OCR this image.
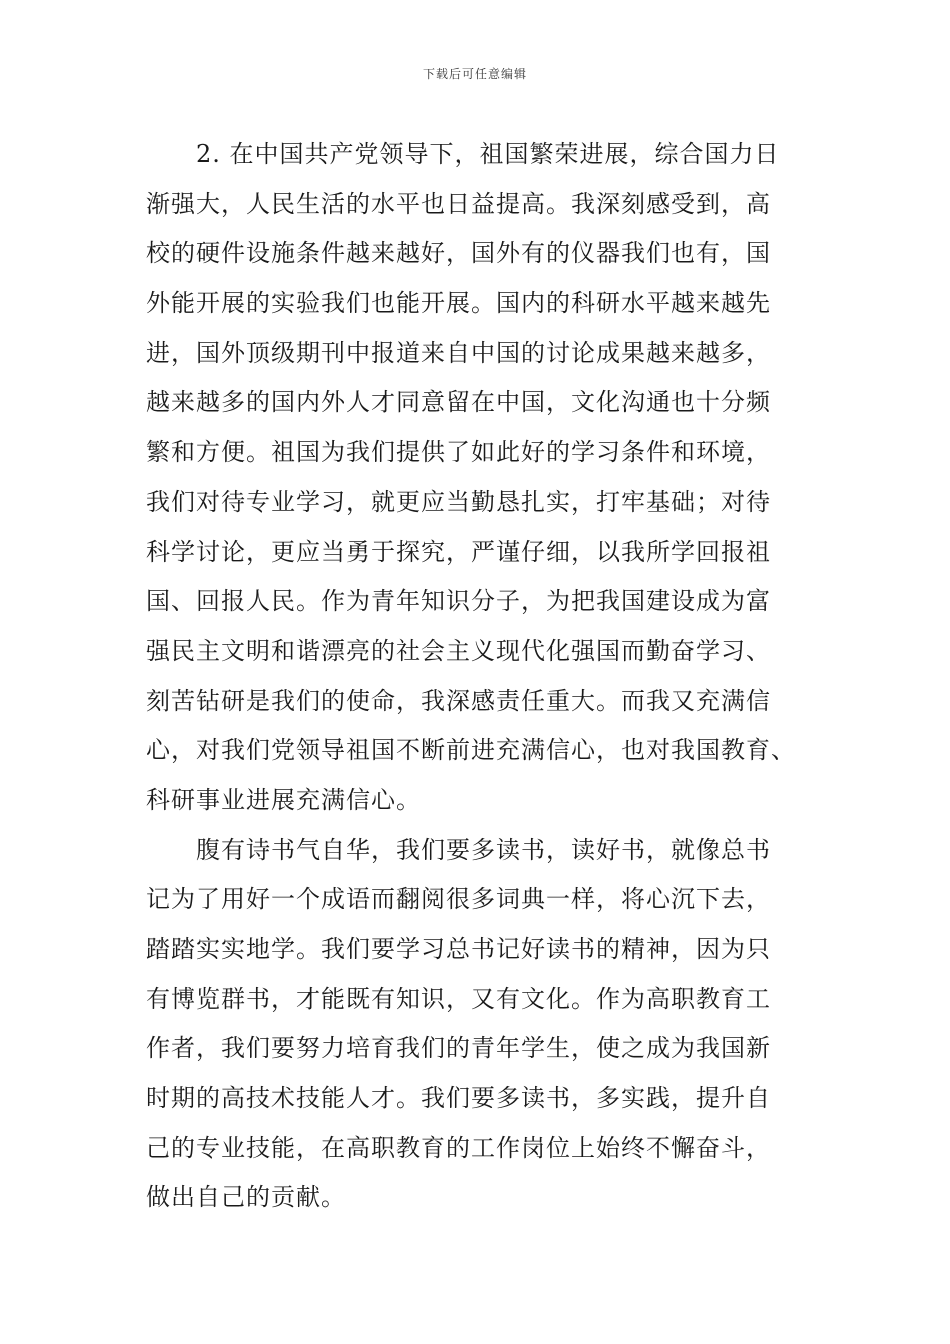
下载后可任意编辑
2. 在中国共产党领导下，祖国繁荣进展，综合国力日
渐强大，人民生活的水平也日益提高。我深刻感受到，高
校的硬件设施条件越来越好，国外有的仪器我们也有，国
外能开展的实验我们也能开展。国内的科研水平越来越先
进，国外顶级期刊中报道来自中国的讨论成果越来越多，
越来越多的国内外人才同意留在中国，文化沟通也十分频
繁和方便。祖国为我们提供了如此好的学习条件和环境，
我们对待专业学习，就更应当勤恳扎实，打牢基础；对待
科学讨论，更应当勇于探究，严谨仔细，以我所学回报祖
国、回报人民。作为青年知识分子，为把我国建设成为富
强民主文明和谐漂亮的社会主义现代化强国而勤奋学习、
刻苦钻研是我们的使命，我深感责任重大。而我又充满信
心，对我们党领导祖国不断前进充满信心，也对我国教育、
科研事业进展充满信心。
腹有诗书气自华，我们要多读书，读好书，就像总书
记为了用好一个成语而翻阅很多词典一样，将心沉下去，
踏踏实实地学。我们要学习总书记好读书的精神，因为只
有博览群书，才能既有知识，又有文化。作为高职教育工
作者，我们要努力培育我们的青年学生，使之成为我国新
时期的高技术技能人才。我们要多读书，多实践，提升自
己的专业技能，在高职教育的工作岗位上始终不懈奋斗，
做出自己的贡献。
